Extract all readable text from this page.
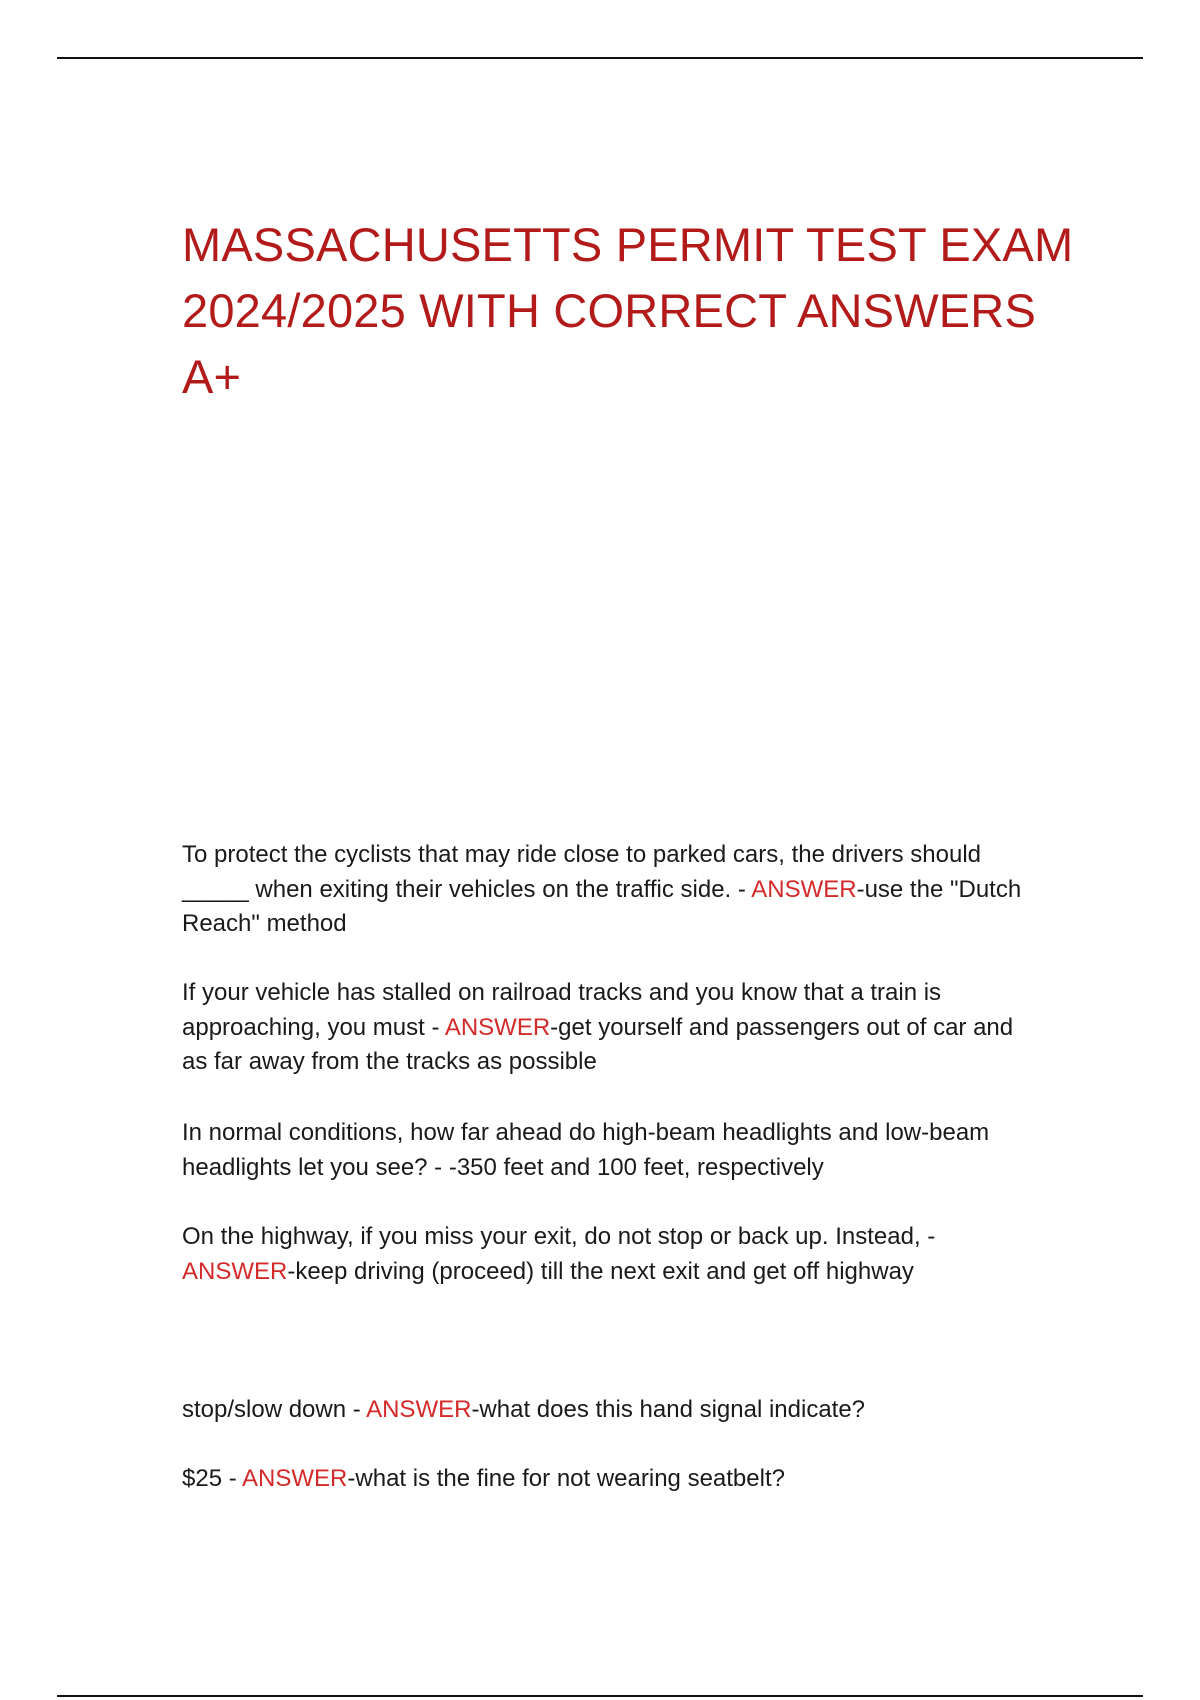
MASSACHUSETTS PERMIT TEST EXAM 2024/2025 WITH CORRECT ANSWERS A+

To protect the cyclists that may ride close to parked cars, the drivers should _____ when exiting their vehicles on the traffic side. - ANSWER-use the "Dutch Reach" method

If your vehicle has stalled on railroad tracks and you know that a train is approaching, you must - ANSWER-get yourself and passengers out of car and as far away from the tracks as possible

In normal conditions, how far ahead do high-beam headlights and low-beam headlights let you see? - -350 feet and 100 feet, respectively

On the highway, if you miss your exit, do not stop or back up. Instead, - ANSWER-keep driving (proceed) till the next exit and get off highway

stop/slow down - ANSWER-what does this hand signal indicate?

$25 - ANSWER-what is the fine for not wearing seatbelt?
